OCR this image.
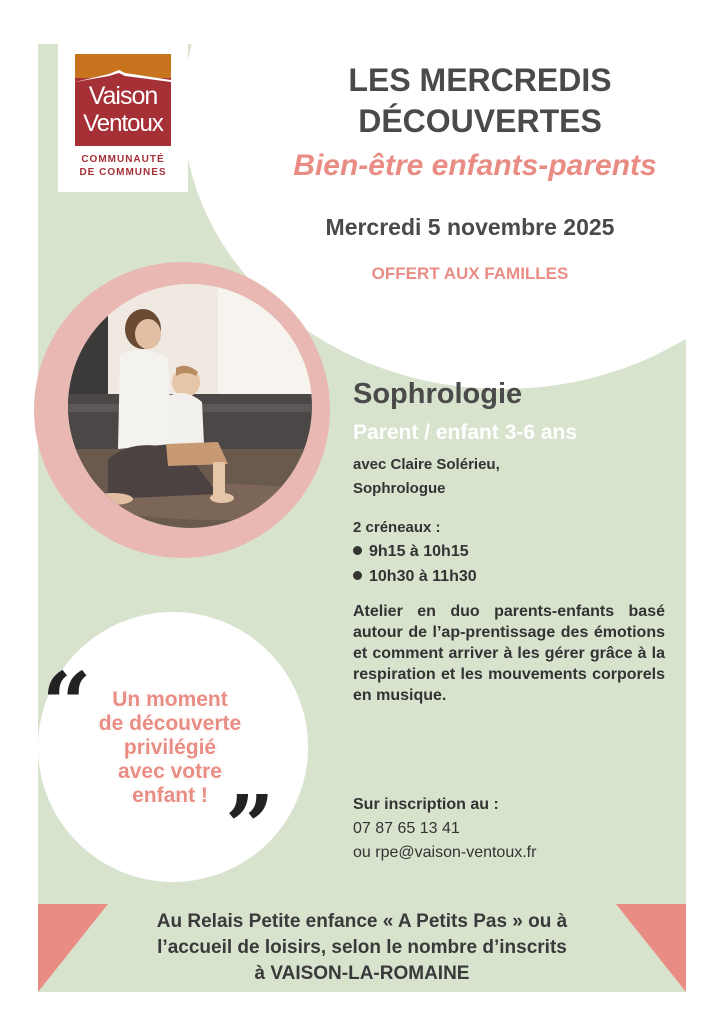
Vaison
Ventoux
COMMUNAUTÉ
DE COMMUNES
LES MERCREDIS
DÉCOUVERTES
Bien-être enfants-parents
Mercredi 5 novembre 2025
OFFERT AUX FAMILLES
Sophrologie
Parent / enfant 3-6 ans
avec Claire Solérieu,
Sophrologue
2 créneaux :
9h15 à 10h15
10h30 à 11h30
Atelier en duo parents-enfants basé autour de l’ap-prentissage des émotions et comment arriver à les gérer grâce à la respiration et les mouvements corporels en musique.
Sur inscription au :
07 87 65 13 41
ou rpe@vaison-ventoux.fr
“ Un moment
de découverte
privilégié
avec votre
enfant ! ”
Au Relais Petite enfance « A Petits Pas » ou à
l’accueil de loisirs, selon le nombre d’inscrits
à VAISON-LA-ROMAINE
